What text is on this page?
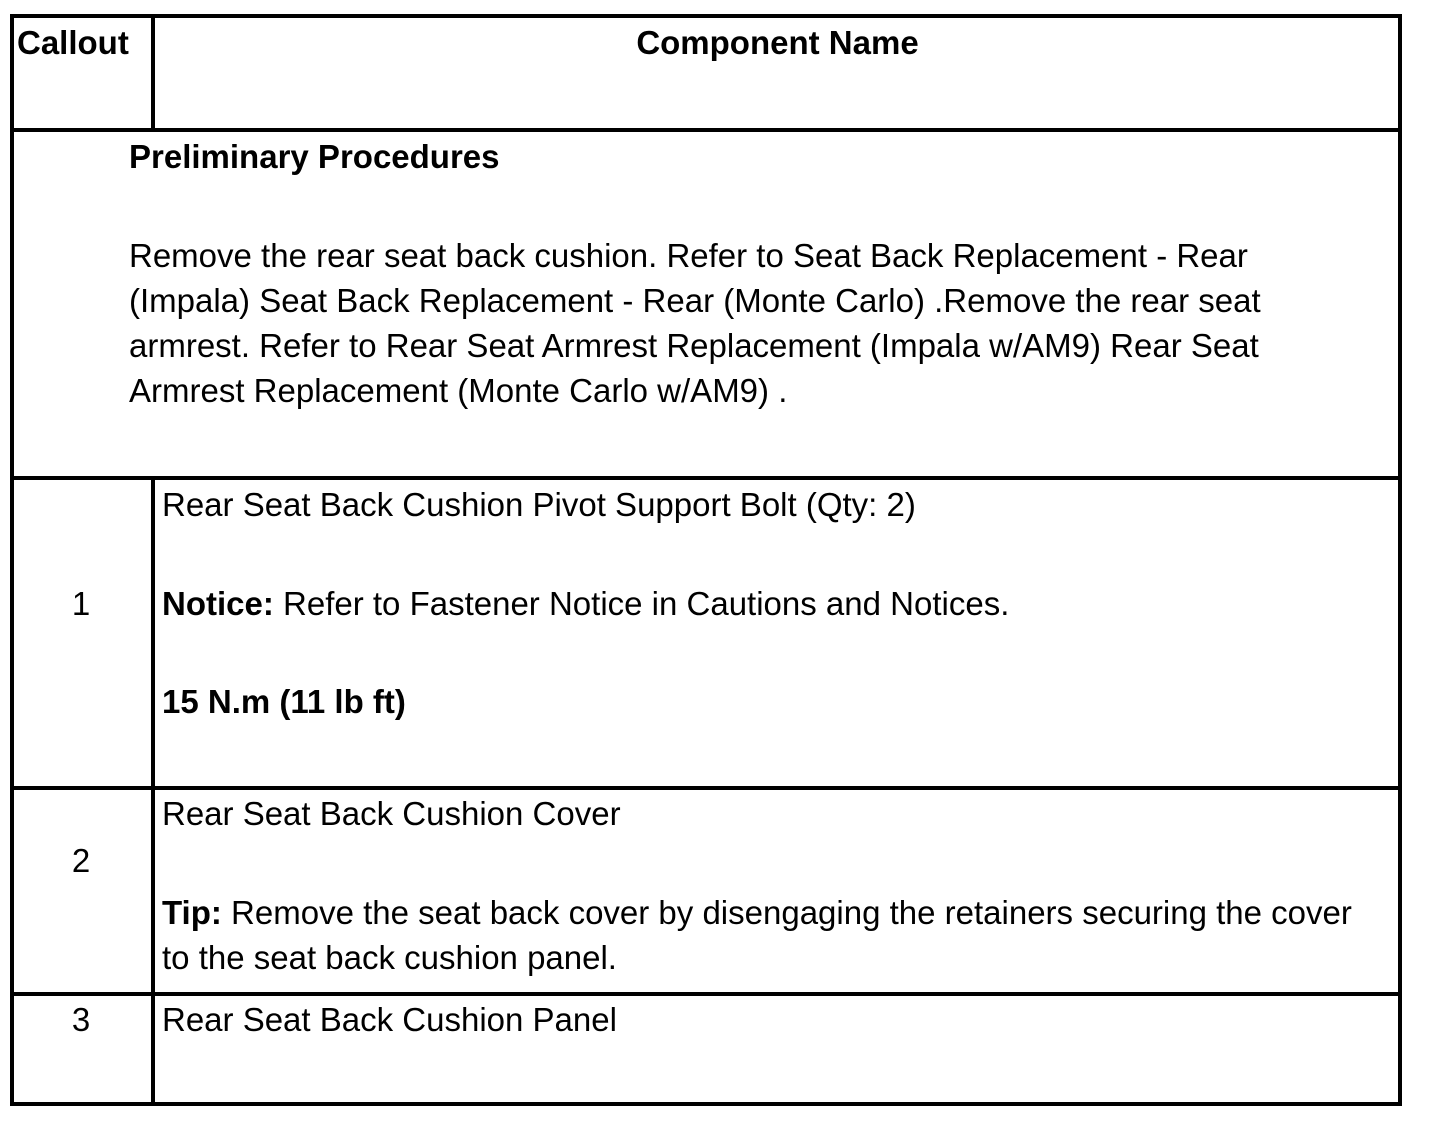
Callout	Component Name
Preliminary Procedures
Remove the rear seat back cushion. Refer to Seat Back Replacement - Rear (Impala) Seat Back Replacement - Rear (Monte Carlo) .Remove the rear seat armrest. Refer to Rear Seat Armrest Replacement (Impala w/AM9) Rear Seat Armrest Replacement (Monte Carlo w/AM9) .
1
Rear Seat Back Cushion Pivot Support Bolt (Qty: 2)
Notice: Refer to Fastener Notice in Cautions and Notices.
15 N.m (11 lb ft)
2
Rear Seat Back Cushion Cover
Tip: Remove the seat back cover by disengaging the retainers securing the cover to the seat back cushion panel.
3	Rear Seat Back Cushion Panel
